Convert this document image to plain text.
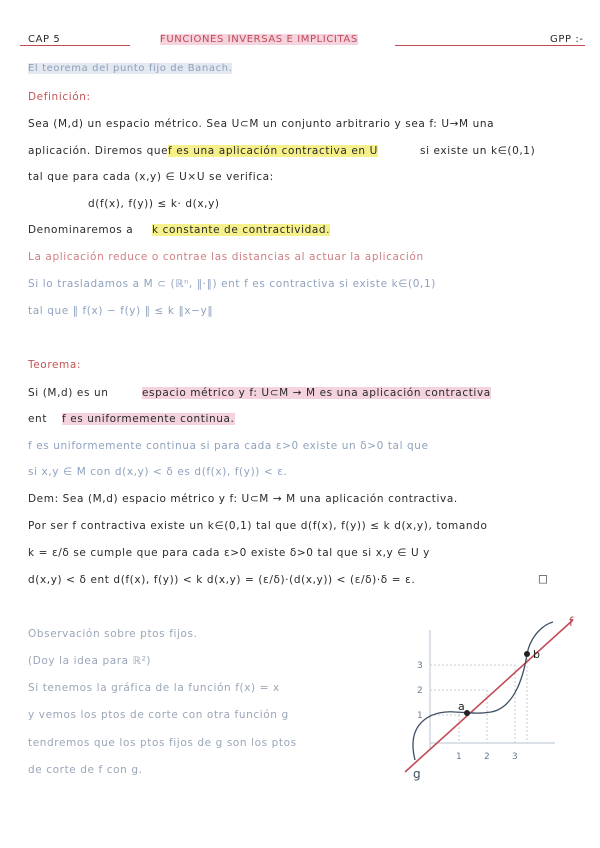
CAP 5	FUNCIONES INVERSAS E IMPLICITAS	GPP :-
El teorema del punto fijo de Banach.
Definición:
Sea (M,d) un espacio métrico. Sea U⊂M un conjunto arbitrario y sea f: U→M una
aplicación. Diremos que f es una aplicación contractiva en U	si existe un k∈(0,1)
tal que para cada (x,y) ∈ U×U se verifica:
d(f(x), f(y)) ≤ k· d(x,y)
Denominaremos a k constante de contractividad.
La aplicación reduce o contrae las distancias al actuar la aplicación
Si lo trasladamos a M ⊂ (ℝⁿ, ‖·‖) ent f es contractiva si existe k∈(0,1)
tal que ‖ f(x) − f(y) ‖ ≤ k ‖x−y‖
Teorema:
Si (M,d) es un	espacio métrico y f: U⊂M → M es una aplicación contractiva
ent f es uniformemente continua.
f es uniformemente continua si para cada ε>0 existe un δ>0 tal que
si x,y ∈ M con d(x,y) < δ es d(f(x), f(y)) < ε.
Dem: Sea (M,d) espacio métrico y f: U⊂M → M una aplicación contractiva.
Por ser f contractiva existe un k∈(0,1) tal que d(f(x), f(y)) ≤ k d(x,y), tomando
k = ε/δ se cumple que para cada ε>0 existe δ>0 tal que si x,y ∈ U y
d(x,y) < δ ent d(f(x), f(y)) < k d(x,y) = (ε/δ)·(d(x,y)) < (ε/δ)·δ = ε.	□
Observación sobre ptos fijos.
(Doy la idea para ℝ²)
Si tenemos la gráfica de la función f(x) = x
y vemos los ptos de corte con otra función g
tendremos que los ptos fijos de g son los ptos
de corte de f con g.
f
g
a
b
3
2
1
1 2 3
